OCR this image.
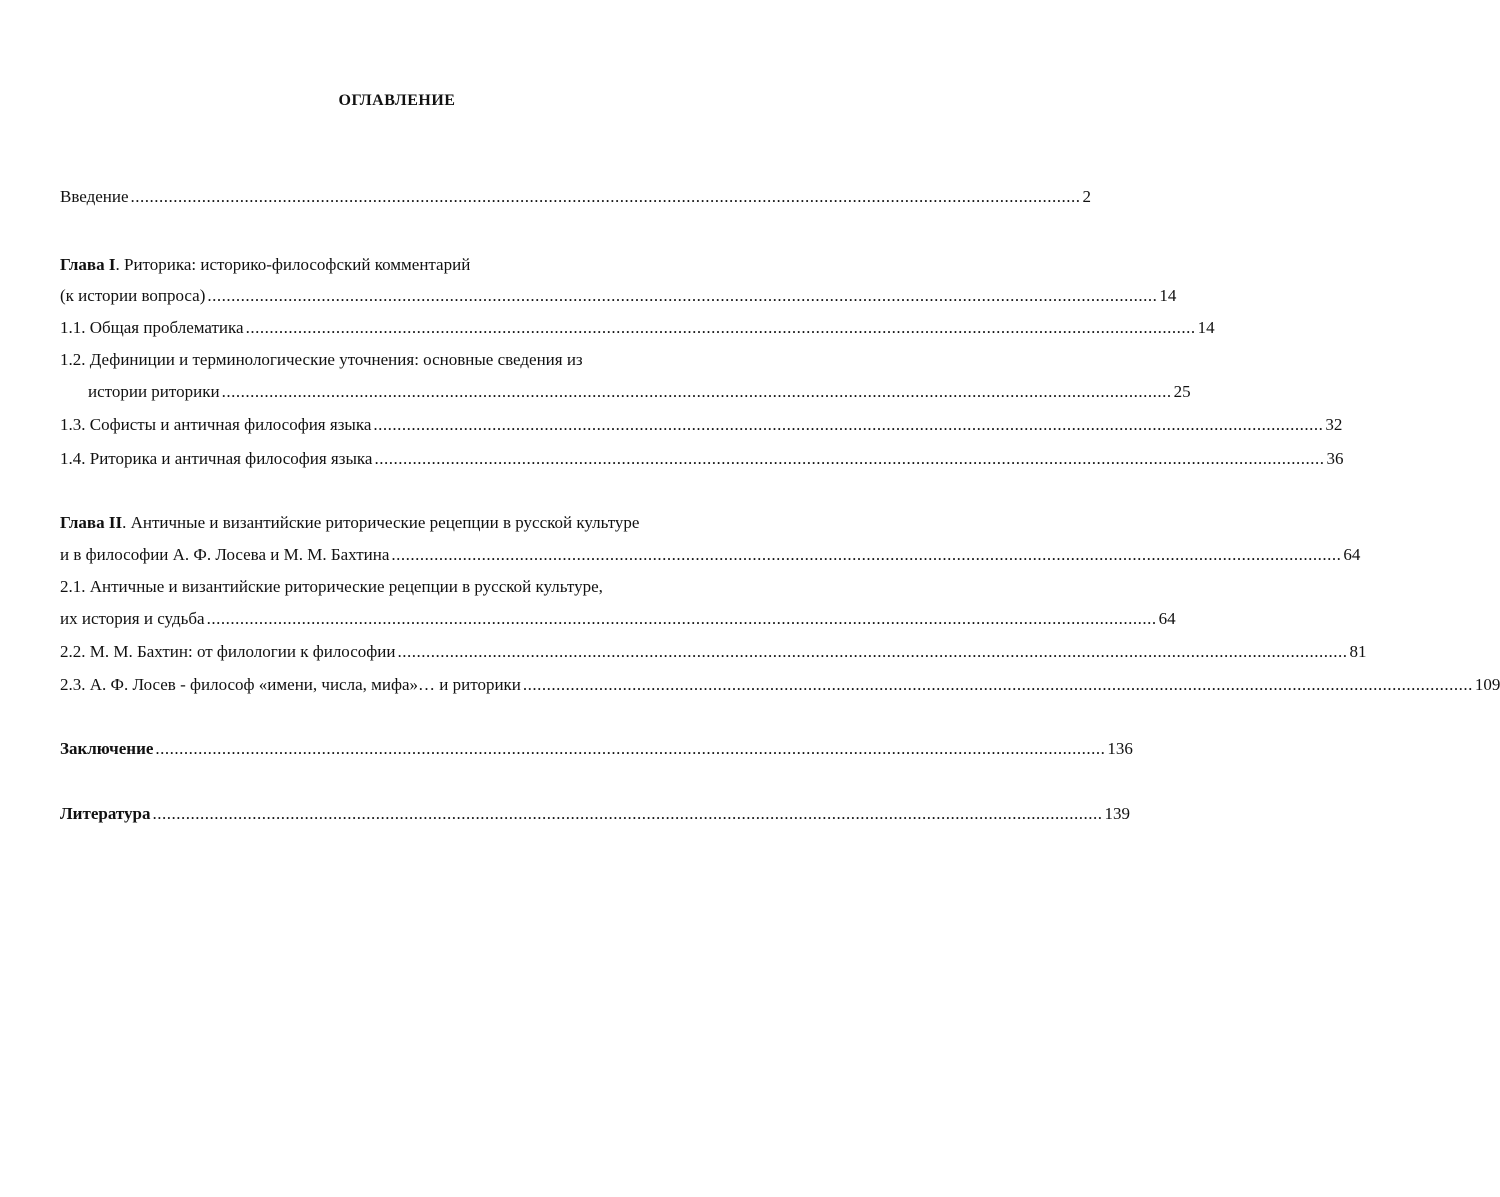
ОГЛАВЛЕНИЕ
Введение ........................................................................................................................................................................................................ 2
Глава I. Риторика: историко-философский комментарий
(к истории вопроса) ........................................................................................................................................................................................................ 14
1.1. Общая проблематика ........................................................................................................................................................................................................ 14
1.2. Дефиниции и терминологические уточнения: основные сведения из
истории риторики ........................................................................................................................................................................................................ 25
1.3. Софисты и античная философия языка ........................................................................................................................................................................................................ 32
1.4. Риторика и античная философия языка ........................................................................................................................................................................................................ 36
Глава II. Античные и византийские риторические рецепции в русской культуре
и в философии А. Ф. Лосева и М. М. Бахтина ........................................................................................................................................................................................................ 64
2.1. Античные и византийские риторические рецепции в русской культуре,
их история и судьба ........................................................................................................................................................................................................ 64
2.2. М. М. Бахтин: от филологии к философии ........................................................................................................................................................................................................ 81
2.3. А. Ф. Лосев - философ «имени, числа, мифа»… и риторики ........................................................................................................................................................................................................ 109
Заключение ........................................................................................................................................................................................................ 136
Литература ........................................................................................................................................................................................................ 139
